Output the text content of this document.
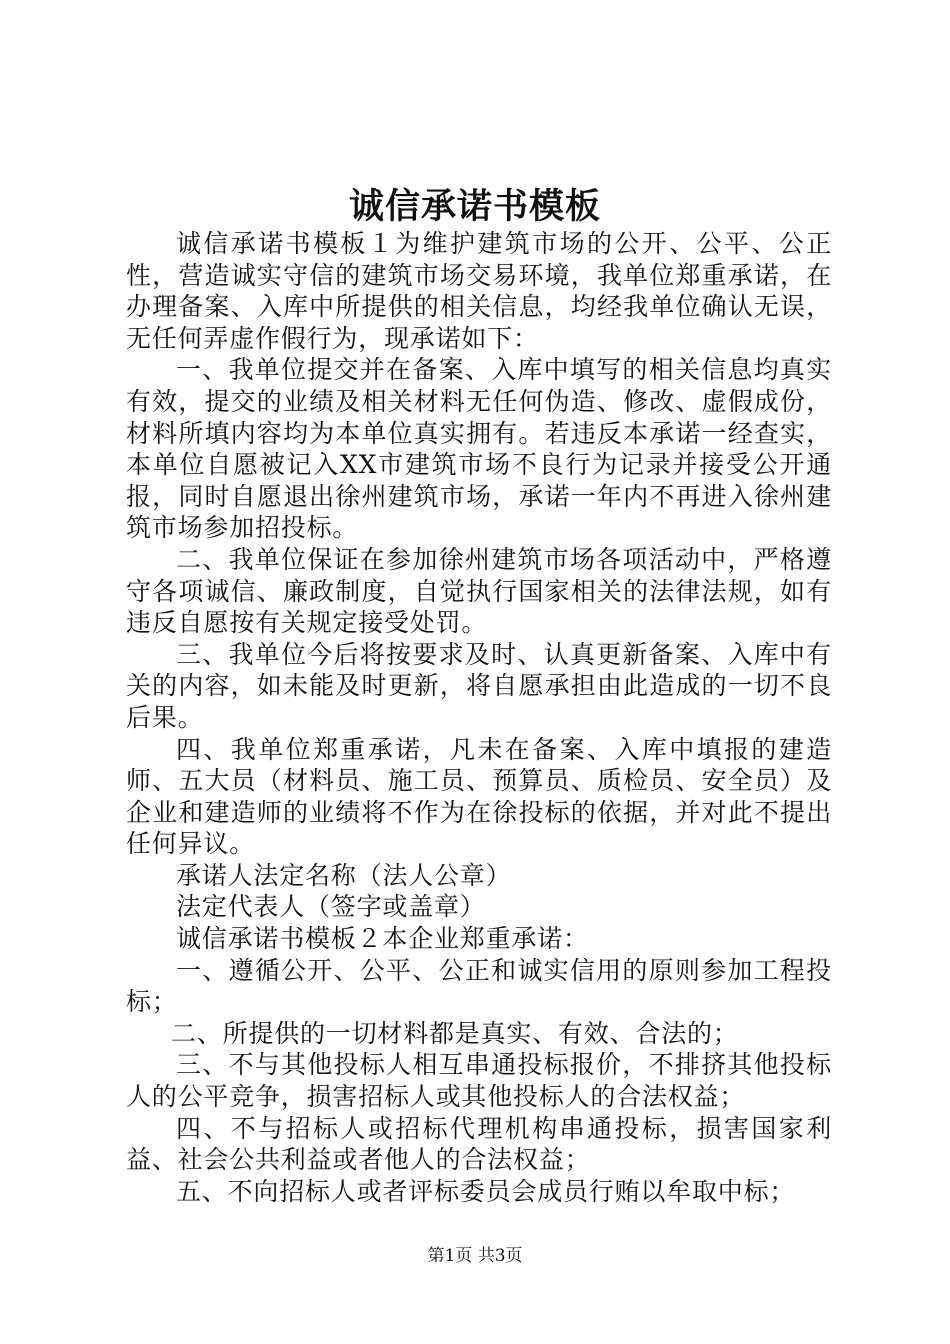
诚信承诺书模板

诚信承诺书模板１为维护建筑市场的公开、公平、公正性，营造诚实守信的建筑市场交易环境，我单位郑重承诺，在办理备案、入库中所提供的相关信息，均经我单位确认无误，无任何弄虚作假行为，现承诺如下：

一、我单位提交并在备案、入库中填写的相关信息均真实有效，提交的业绩及相关材料无任何伪造、修改、虚假成份，材料所填内容均为本单位真实拥有。若违反本承诺一经查实，本单位自愿被记入XX市建筑市场不良行为记录并接受公开通报，同时自愿退出徐州建筑市场，承诺一年内不再进入徐州建筑市场参加招投标。

二、我单位保证在参加徐州建筑市场各项活动中，严格遵守各项诚信、廉政制度，自觉执行国家相关的法律法规，如有违反自愿按有关规定接受处罚。

三、我单位今后将按要求及时、认真更新备案、入库中有关的内容，如未能及时更新，将自愿承担由此造成的一切不良后果。

四、我单位郑重承诺，凡未在备案、入库中填报的建造师、五大员（材料员、施工员、预算员、质检员、安全员）及企业和建造师的业绩将不作为在徐投标的依据，并对此不提出任何异议。

承诺人法定名称（法人公章）

法定代表人（签字或盖章）

诚信承诺书模板２本企业郑重承诺：

一、遵循公开、公平、公正和诚实信用的原则参加工程投标；

二、所提供的一切材料都是真实、有效、合法的；

三、不与其他投标人相互串通投标报价，不排挤其他投标人的公平竞争，损害招标人或其他投标人的合法权益；

四、不与招标人或招标代理机构串通投标，损害国家利益、社会公共利益或者他人的合法权益；

五、不向招标人或者评标委员会成员行贿以牟取中标；

第1页 共3页
